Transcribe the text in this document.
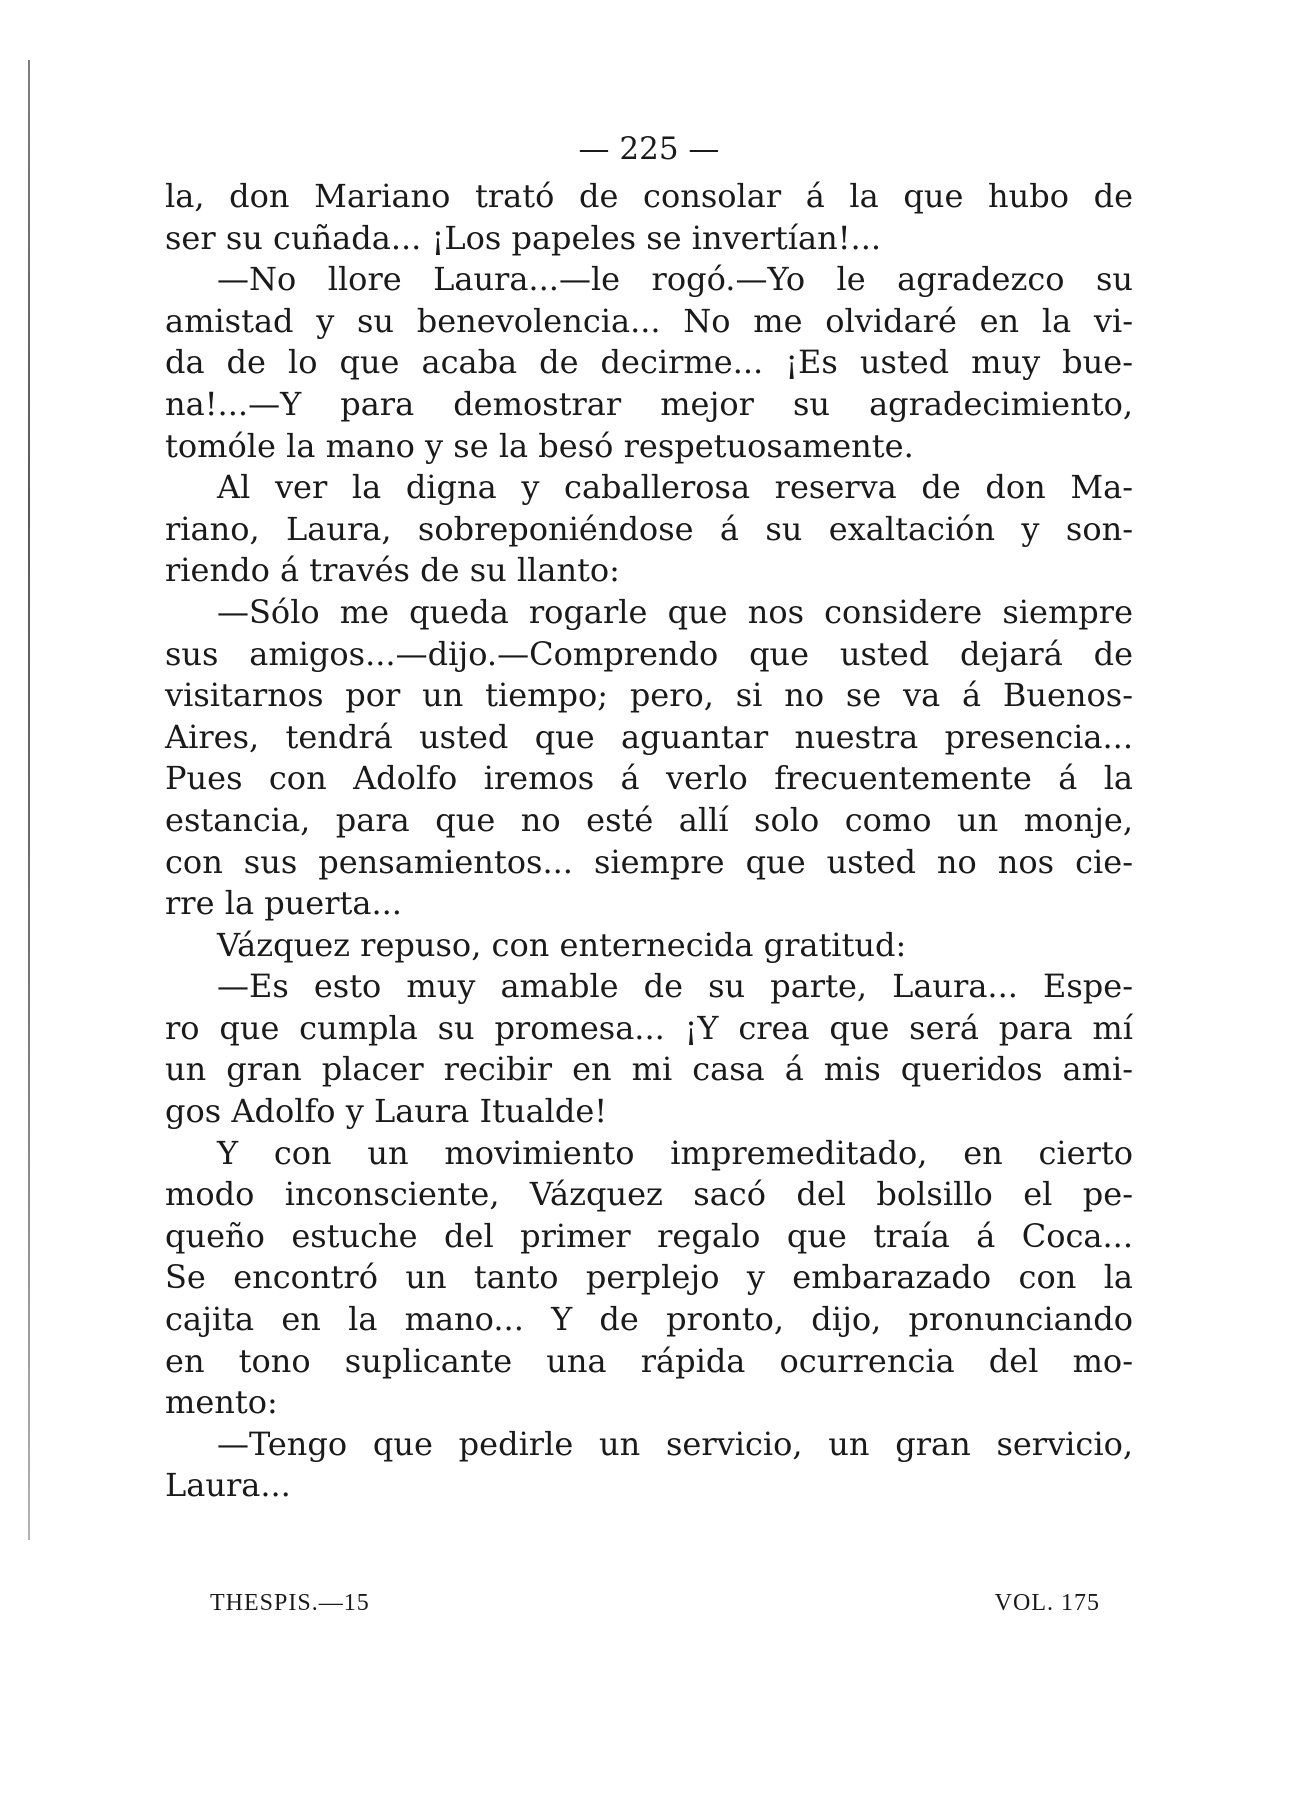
— 225 —
la, don Mariano trató de consolar á la que hubo de
ser su cuñada... ¡Los papeles se invertían!...
—No llore Laura...—le rogó.—Yo le agradezco su
amistad y su benevolencia... No me olvidaré en la vi-
da de lo que acaba de decirme... ¡Es usted muy bue-
na!...—Y para demostrar mejor su agradecimiento,
tomóle la mano y se la besó respetuosamente.
Al ver la digna y caballerosa reserva de don Ma-
riano, Laura, sobreponiéndose á su exaltación y son-
riendo á través de su llanto:
—Sólo me queda rogarle que nos considere siempre
sus amigos...—dijo.—Comprendo que usted dejará de
visitarnos por un tiempo; pero, si no se va á Buenos-
Aires, tendrá usted que aguantar nuestra presencia...
Pues con Adolfo iremos á verlo frecuentemente á la
estancia, para que no esté allí solo como un monje,
con sus pensamientos... siempre que usted no nos cie-
rre la puerta...
Vázquez repuso, con enternecida gratitud:
—Es esto muy amable de su parte, Laura... Espe-
ro que cumpla su promesa... ¡Y crea que será para mí
un gran placer recibir en mi casa á mis queridos ami-
gos Adolfo y Laura Itualde!
Y con un movimiento impremeditado, en cierto
modo inconsciente, Vázquez sacó del bolsillo el pe-
queño estuche del primer regalo que traía á Coca...
Se encontró un tanto perplejo y embarazado con la
cajita en la mano... Y de pronto, dijo, pronunciando
en tono suplicante una rápida ocurrencia del mo-
mento:
—Tengo que pedirle un servicio, un gran servicio,
Laura...
THESPIS.—15	VOL. 175
